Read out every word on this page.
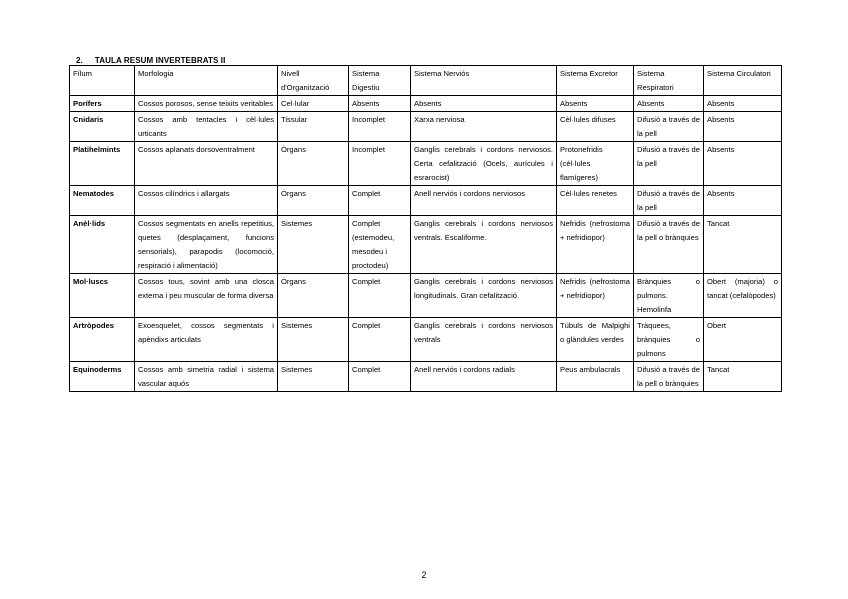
2. TAULA RESUM INVERTEBRATS II
Fílum	Morfologia	Nivell d'Organització	Sistema Digestiu	Sistema Nerviós	Sistema Excretor	Sistema Respiratori	Sistema Circulatori
Porífers	Cossos porosos, sense teixits veritables	Cel·lular	Absents	Absents	Absents	Absents	Absents
Cnidaris	Cossos amb tentacles i cèl·lules urticants	Tissular	Incomplet	Xarxa nerviosa	Cèl·lules difuses	Difusió a través de la pell	Absents
Platihelmints	Cossos aplanats dorsoventralment	Òrgans	Incomplet	Ganglis cerebrals i cordons nerviosos. Certa cefalització (Ocels, aurícules i esrarocist)	Protonefridis (cèl·lules flamígeres)	Difusió a través de la pell	Absents
Nematodes	Cossos cilíndrics i allargats	Òrgans	Complet	Anell nerviós i cordons nerviosos	Cèl·lules renetes	Difusió a través de la pell	Absents
Anèl·lids	Cossos segmentats en anells repetitius, quetes (desplaçament, funcions sensorials), parapodis (locomoció, respiració i alimentació)	Sistemes	Complet (estemodeu, mesodeu i proctodeu)	Ganglis cerebrals i cordons nerviosos ventrals. Escaliforme.	Nefridis (nefrostoma + nefridiopor)	Difusió a través de la pell o brànquies	Tancat
Mol·luscs	Cossos tous, sovint amb una closca externa i peu muscular de forma diversa	Òrgans	Complet	Ganglis cerebrals i cordons nerviosos longitudinals. Gran cefalització.	Nefridis (nefrostoma + nefridiopor)	Brànquies o pulmons. Hemolinfa	Obert (majoria) o tancat (cefalòpodes)
Artròpodes	Exoesquelet, cossos segmentats i apèndixs articulats	Sistemes	Complet	Ganglis cerebrals i cordons nerviosos ventrals	Túbuls de Malpighi o glàndules verdes	Tràquees, brànquies o pulmons	Obert
Equinoderms	Cossos amb simetria radial i sistema vascular aquós	Sistemes	Complet	Anell nerviós i cordons radials	Peus ambulacrals	Difusió a través de la pell o brànquies	Tancat
2
